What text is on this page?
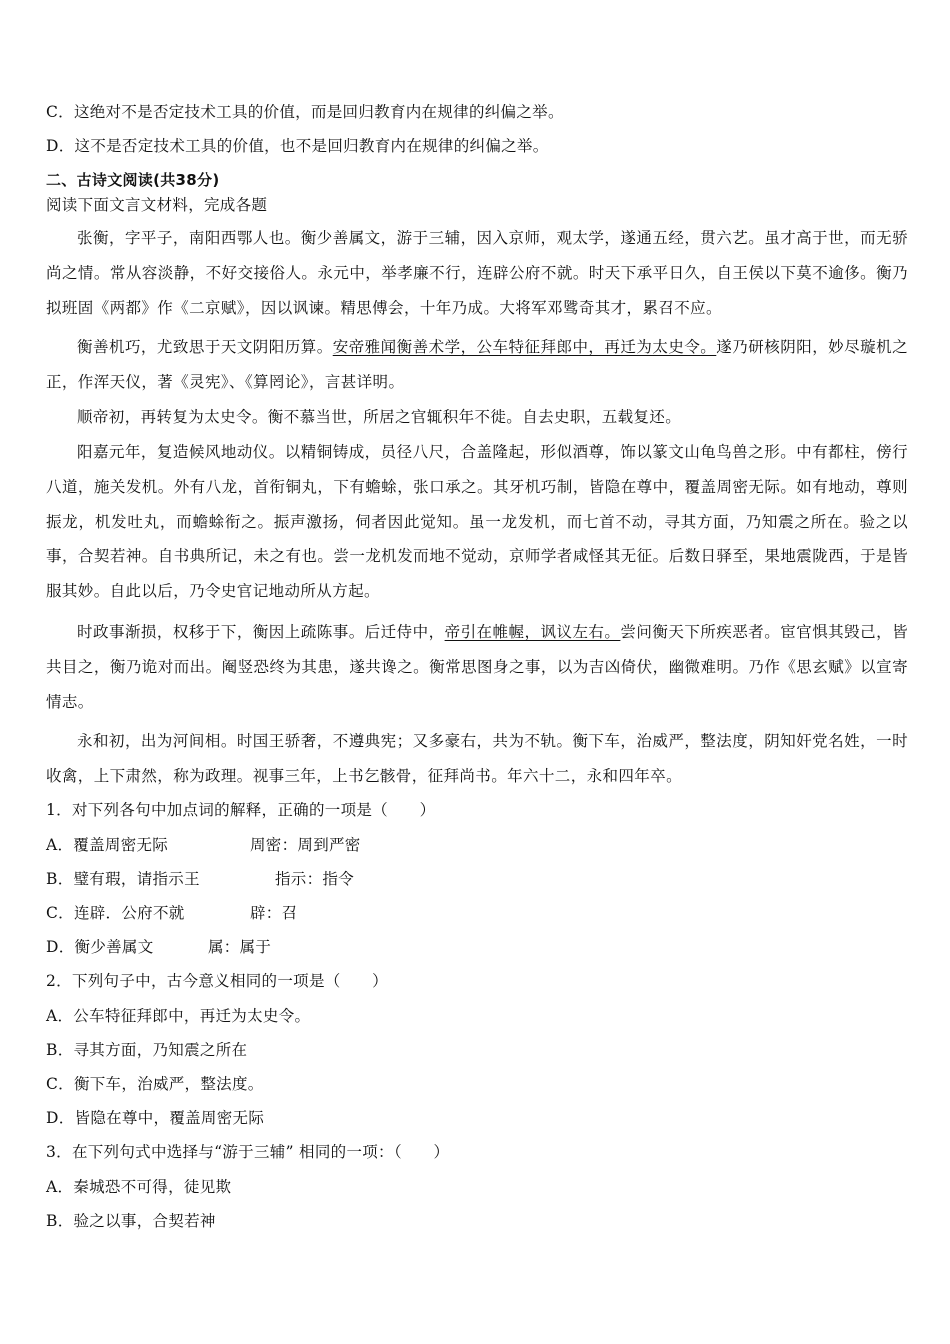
C．这绝对不是否定技术工具的价值，而是回归教育内在规律的纠偏之举。
D．这不是否定技术工具的价值，也不是回归教育内在规律的纠偏之举。
二、古诗文阅读(共38分)
阅读下面文言文材料，完成各题
张衡，字平子，南阳西鄂人也。衡少善属文，游于三辅，因入京师，观太学，遂通五经，贯六艺。虽才高于世，而无骄尚之情。常从容淡静，不好交接俗人。永元中，举孝廉不行，连辟公府不就。时天下承平日久，自王侯以下莫不逾侈。衡乃拟班固《两都》作《二京赋》，因以讽谏。精思傅会，十年乃成。大将军邓骘奇其才，累召不应。
衡善机巧，尤致思于天文阴阳历算。安帝雅闻衡善术学，公车特征拜郎中，再迁为太史令。遂乃研核阴阳，妙尽璇机之正，作浑天仪，著《灵宪》、《算罔论》，言甚详明。
顺帝初，再转复为太史令。衡不慕当世，所居之官辄积年不徙。自去史职，五载复还。
阳嘉元年，复造候风地动仪。以精铜铸成，员径八尺，合盖隆起，形似酒尊，饰以篆文山龟鸟兽之形。中有都柱，傍行八道，施关发机。外有八龙，首衔铜丸，下有蟾蜍，张口承之。其牙机巧制，皆隐在尊中，覆盖周密无际。如有地动，尊则振龙，机发吐丸，而蟾蜍衔之。振声激扬，伺者因此觉知。虽一龙发机，而七首不动，寻其方面，乃知震之所在。验之以事，合契若神。自书典所记，未之有也。尝一龙机发而地不觉动，京师学者咸怪其无征。后数日驿至，果地震陇西，于是皆服其妙。自此以后，乃令史官记地动所从方起。
时政事渐损，权移于下，衡因上疏陈事。后迁侍中，帝引在帷幄，讽议左右。尝问衡天下所疾恶者。宦官惧其毁己，皆共目之，衡乃诡对而出。阉竖恐终为其患，遂共谗之。衡常思图身之事，以为吉凶倚伏，幽微难明。乃作《思玄赋》以宣寄情志。
永和初，出为河间相。时国王骄奢，不遵典宪；又多豪右，共为不轨。衡下车，治威严，整法度，阴知奸党名姓，一时收禽，上下肃然，称为政理。视事三年，上书乞骸骨，征拜尚书。年六十二，永和四年卒。
1．对下列各句中加点词的解释，正确的一项是（　　）
A．覆盖周密无际	周密：周到严密
B．璧有瑕，请指示王	指示：指令
C．连辟．公府不就	辟：召
D．衡少善属文	属：属于
2．下列句子中，古今意义相同的一项是（　　）
A．公车特征拜郎中，再迁为太史令。
B．寻其方面，乃知震之所在
C．衡下车，治威严，整法度。
D．皆隐在尊中，覆盖周密无际
3．在下列句式中选择与“游于三辅” 相同的一项：（　　）
A．秦城恐不可得，徒见欺
B．验之以事，合契若神
